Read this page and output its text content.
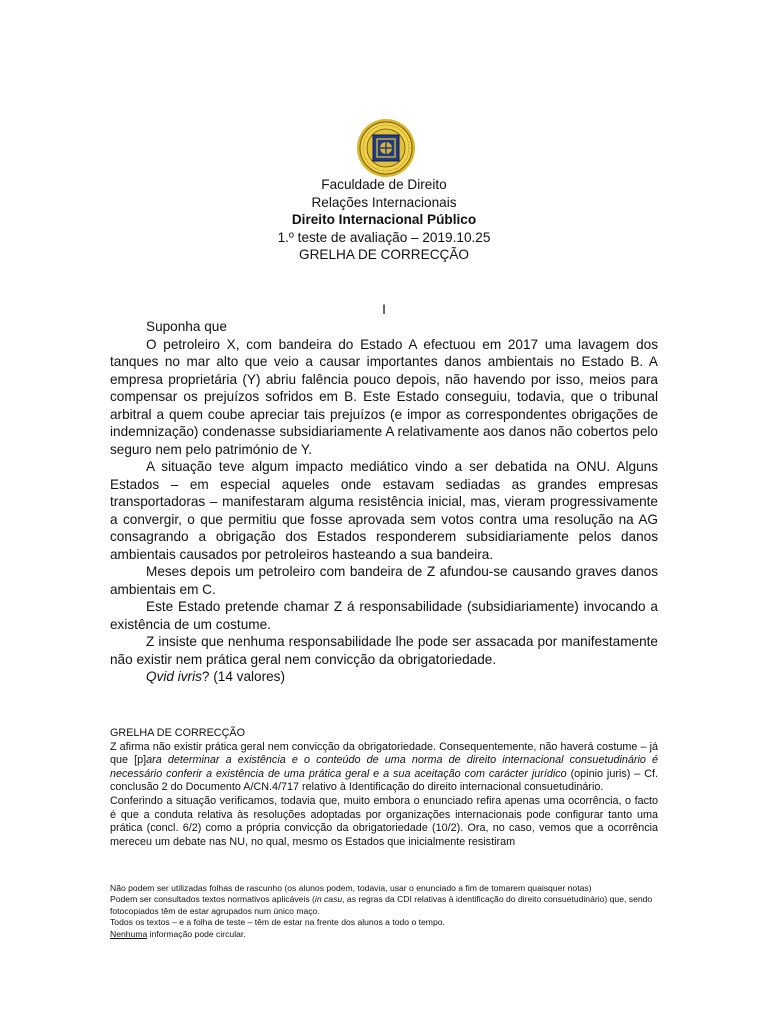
Faculdade de Direito
Relações Internacionais
Direito Internacional Público
1.º teste de avaliação – 2019.10.25
GRELHA DE CORRECÇÃO
I

Suponha que

O petroleiro X, com bandeira do Estado A efectuou em 2017 uma lavagem dos tanques no mar alto que veio a causar importantes danos ambientais no Estado B. A empresa proprietária (Y) abriu falência pouco depois, não havendo por isso, meios para compensar os prejuízos sofridos em B. Este Estado conseguiu, todavia, que o tribunal arbitral a quem coube apreciar tais prejuízos (e impor as correspondentes obrigações de indemnização) condenasse subsidiariamente A relativamente aos danos não cobertos pelo seguro nem pelo património de Y.

A situação teve algum impacto mediático vindo a ser debatida na ONU. Alguns Estados – em especial aqueles onde estavam sediadas as grandes empresas transportadoras – manifestaram alguma resistência inicial, mas, vieram progressivamente a convergir, o que permitiu que fosse aprovada sem votos contra uma resolução na AG consagrando a obrigação dos Estados responderem subsidiariamente pelos danos ambientais causados por petroleiros hasteando a sua bandeira.

Meses depois um petroleiro com bandeira de Z afundou-se causando graves danos ambientais em C.

Este Estado pretende chamar Z á responsabilidade (subsidiariamente) invocando a existência de um costume.

Z insiste que nenhuma responsabilidade lhe pode ser assacada por manifestamente não existir nem prática geral nem convicção da obrigatoriedade.

Qvid ivris? (14 valores)

GRELHA DE CORRECÇÃO

Z afirma não existir prática geral nem convicção da obrigatoriedade. Consequentemente, não haverá costume – já que [p]ara determinar a existência e o conteúdo de uma norma de direito internacional consuetudinário é necessário conferir a existência de uma prática geral e a sua aceitação com carácter jurídico (opinio juris) – Cf. conclusão 2 do Documento A/CN.4/717 relativo à Identificação do direito internacional consuetudinário.

Conferindo a situação verificamos, todavia que, muito embora o enunciado refira apenas uma ocorrência, o facto é que a conduta relativa às resoluções adoptadas por organizações internacionais pode configurar tanto uma prática (concl. 6/2) como a própria convicção da obrigatoriedade (10/2). Ora, no caso, vemos que a ocorrência mereceu um debate nas NU, no qual, mesmo os Estados que inicialmente resistiram

Não podem ser utilizadas folhas de rascunho (os alunos podem, todavia, usar o enunciado a fim de tomarem quaisquer notas)

Podem ser consultados textos normativos aplicáveis (in casu, as regras da CDI relativas à identificação do direito consuetudinário) que, sendo fotocopiados têm de estar agrupados num único maço.

Todos os textos – e a folha de teste – têm de estar na frente dos alunos a todo o tempo.

Nenhuma informação pode circular.
